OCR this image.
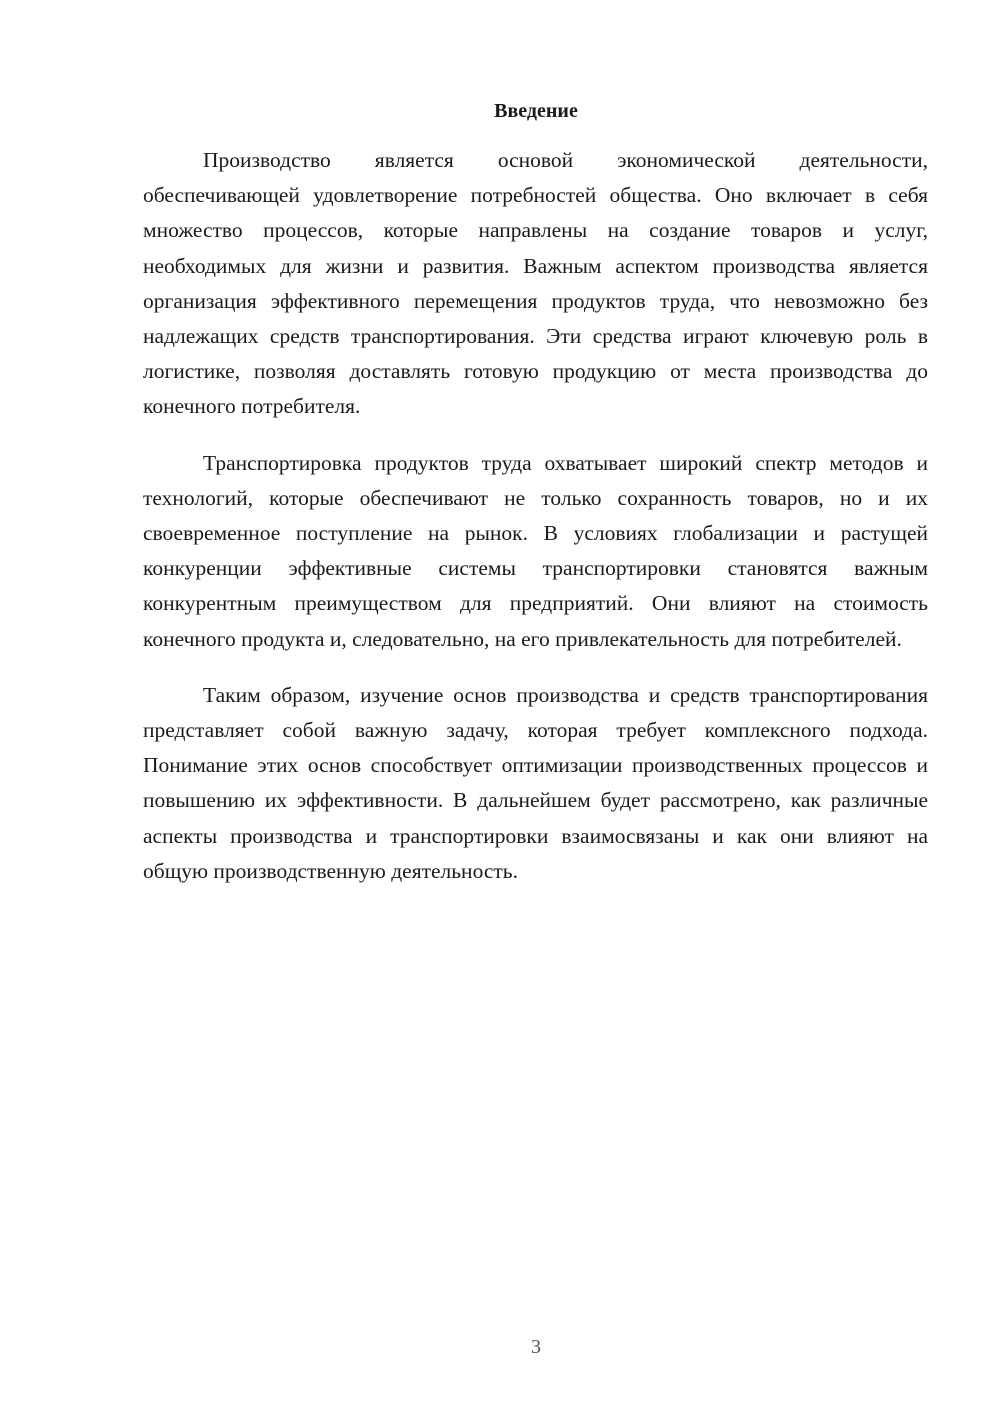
Введение

Производство является основой экономической деятельности, обеспечивающей удовлетворение потребностей общества. Оно включает в себя множество процессов, которые направлены на создание товаров и услуг, необходимых для жизни и развития. Важным аспектом производства является организация эффективного перемещения продуктов труда, что невозможно без надлежащих средств транспортирования. Эти средства играют ключевую роль в логистике, позволяя доставлять готовую продукцию от места производства до конечного потребителя.

Транспортировка продуктов труда охватывает широкий спектр методов и технологий, которые обеспечивают не только сохранность товаров, но и их своевременное поступление на рынок. В условиях глобализации и растущей конкуренции эффективные системы транспортировки становятся важным конкурентным преимуществом для предприятий. Они влияют на стоимость конечного продукта и, следовательно, на его привлекательность для потребителей.

Таким образом, изучение основ производства и средств транспортирования представляет собой важную задачу, которая требует комплексного подхода. Понимание этих основ способствует оптимизации производственных процессов и повышению их эффективности. В дальнейшем будет рассмотрено, как различные аспекты производства и транспортировки взаимосвязаны и как они влияют на общую производственную деятельность.

3
